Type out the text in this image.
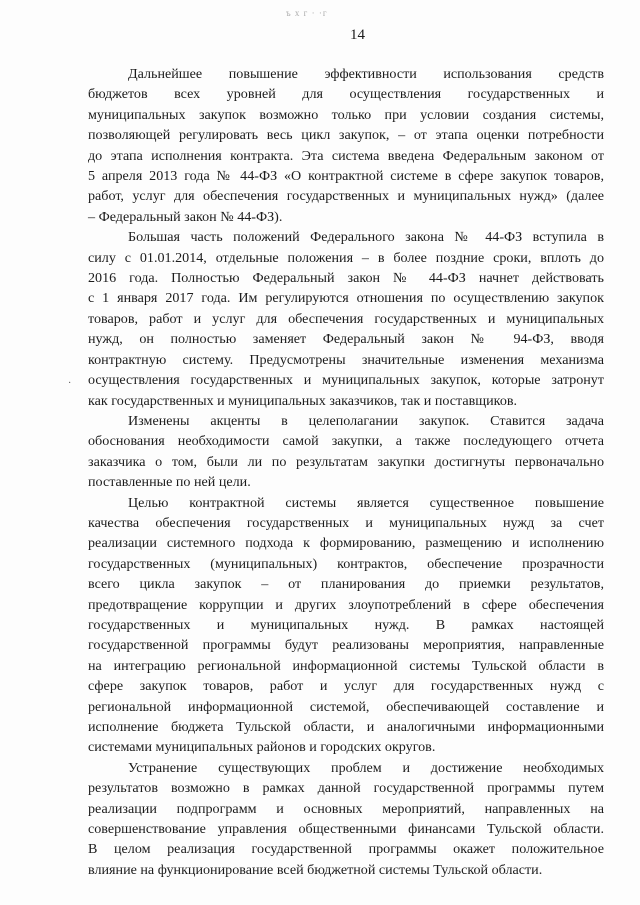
ъ х г · ·г
14
·

Дальнейшее повышение эффективности использования средств
бюджетов всех уровней для осуществления государственных и
муниципальных закупок возможно только при условии создания системы,
позволяющей регулировать весь цикл закупок, – от этапа оценки потребности
до этапа исполнения контракта. Эта система введена Федеральным законом от
5 апреля 2013 года № 44-ФЗ «О контрактной системе в сфере закупок товаров,
работ, услуг для обеспечения государственных и муниципальных нужд» (далее
– Федеральный закон № 44-ФЗ).

Большая часть положений Федерального закона № 44-ФЗ вступила в
силу с 01.01.2014, отдельные положения – в более поздние сроки, вплоть до
2016 года. Полностью Федеральный закон № 44-ФЗ начнет действовать
с 1 января 2017 года. Им регулируются отношения по осуществлению закупок
товаров, работ и услуг для обеспечения государственных и муниципальных
нужд, он полностью заменяет Федеральный закон № 94-ФЗ, вводя
контрактную систему. Предусмотрены значительные изменения механизма
осуществления государственных и муниципальных закупок, которые затронут
как государственных и муниципальных заказчиков, так и поставщиков.

Изменены акценты в целеполагании закупок. Ставится задача
обоснования необходимости самой закупки, а также последующего отчета
заказчика о том, были ли по результатам закупки достигнуты первоначально
поставленные по ней цели.

Целью контрактной системы является существенное повышение
качества обеспечения государственных и муниципальных нужд за счет
реализации системного подхода к формированию, размещению и исполнению
государственных (муниципальных) контрактов, обеспечение прозрачности
всего цикла закупок – от планирования до приемки результатов,
предотвращение коррупции и других злоупотреблений в сфере обеспечения
государственных и муниципальных нужд. В рамках настоящей
государственной программы будут реализованы мероприятия, направленные
на интеграцию региональной информационной системы Тульской области в
сфере закупок товаров, работ и услуг для государственных нужд с
региональной информационной системой, обеспечивающей составление и
исполнение бюджета Тульской области, и аналогичными информационными
системами муниципальных районов и городских округов.

Устранение существующих проблем и достижение необходимых
результатов возможно в рамках данной государственной программы путем
реализации подпрограмм и основных мероприятий, направленных на
совершенствование управления общественными финансами Тульской области.
В целом реализация государственной программы окажет положительное
влияние на функционирование всей бюджетной системы Тульской области.
